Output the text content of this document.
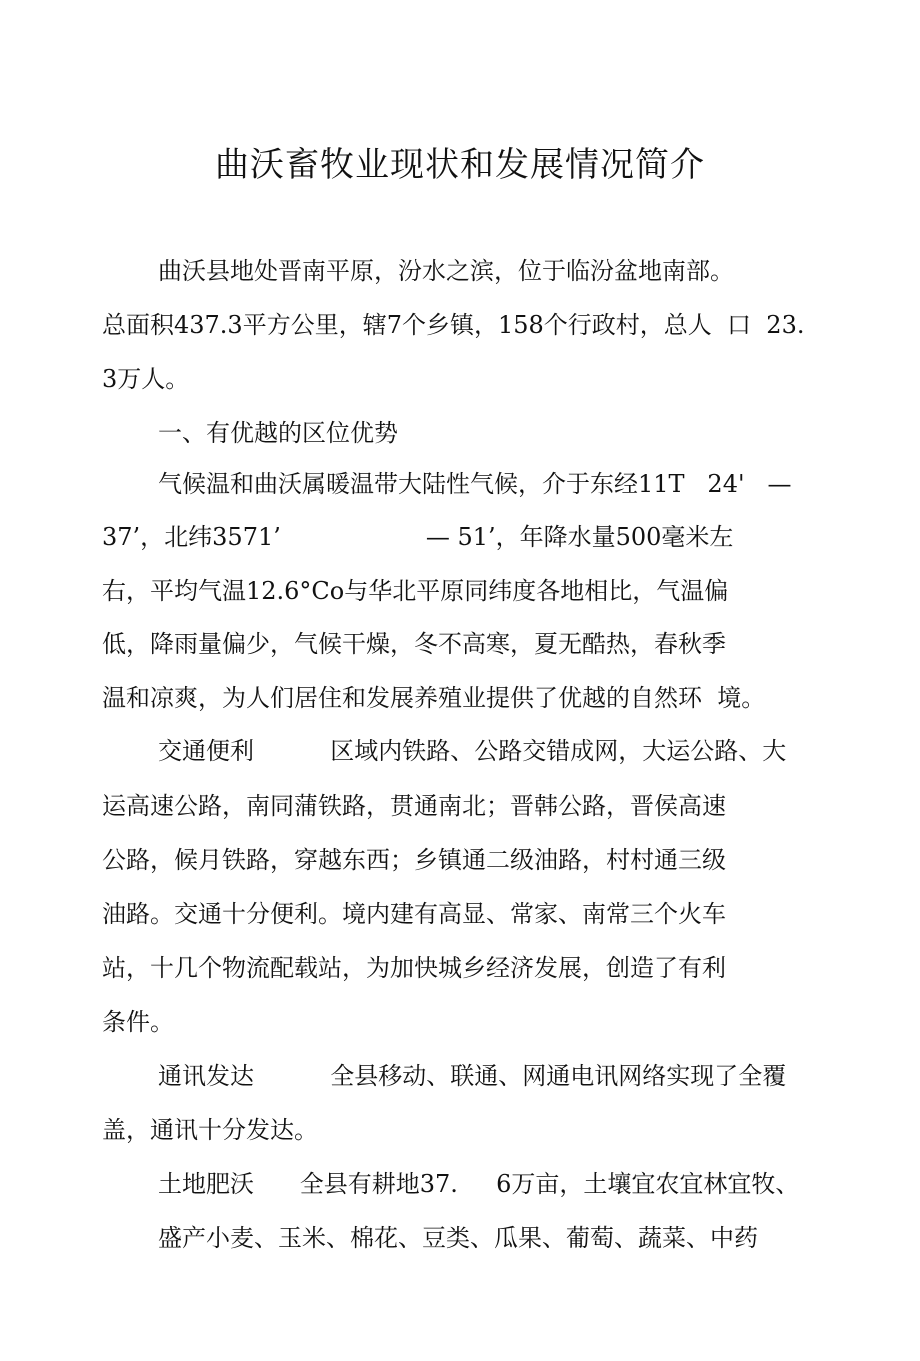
曲沃畜牧业现状和发展情况简介
曲沃县地处晋南平原，汾水之滨，位于临汾盆地南部。
总面积437.3平方公里，辖7个乡镇，158个行政村，总人  口  23.
3万人。
一、有优越的区位优势
气候温和曲沃属暖温带大陆性气候，介于东经11T   24'   —
37’，北纬3571’                   — 51’，年降水量500毫米左
右，平均气温12.6°Co与华北平原同纬度各地相比，气温偏
低，降雨量偏少，气候干燥，冬不高寒，夏无酷热，春秋季
温和凉爽，为人们居住和发展养殖业提供了优越的自然环  境。
交通便利          区域内铁路、公路交错成网，大运公路、大
运高速公路，南同蒲铁路，贯通南北；晋韩公路，晋侯高速
公路，候月铁路，穿越东西；乡镇通二级油路，村村通三级
油路。交通十分便利。境内建有高显、常家、南常三个火车
站，十几个物流配载站，为加快城乡经济发展，创造了有利
条件。
通讯发达          全县移动、联通、网通电讯网络实现了全覆
盖，通讯十分发达。
土地肥沃      全县有耕地37.     6万亩，土壤宜农宜林宜牧、
盛产小麦、玉米、棉花、豆类、瓜果、葡萄、蔬菜、中药
